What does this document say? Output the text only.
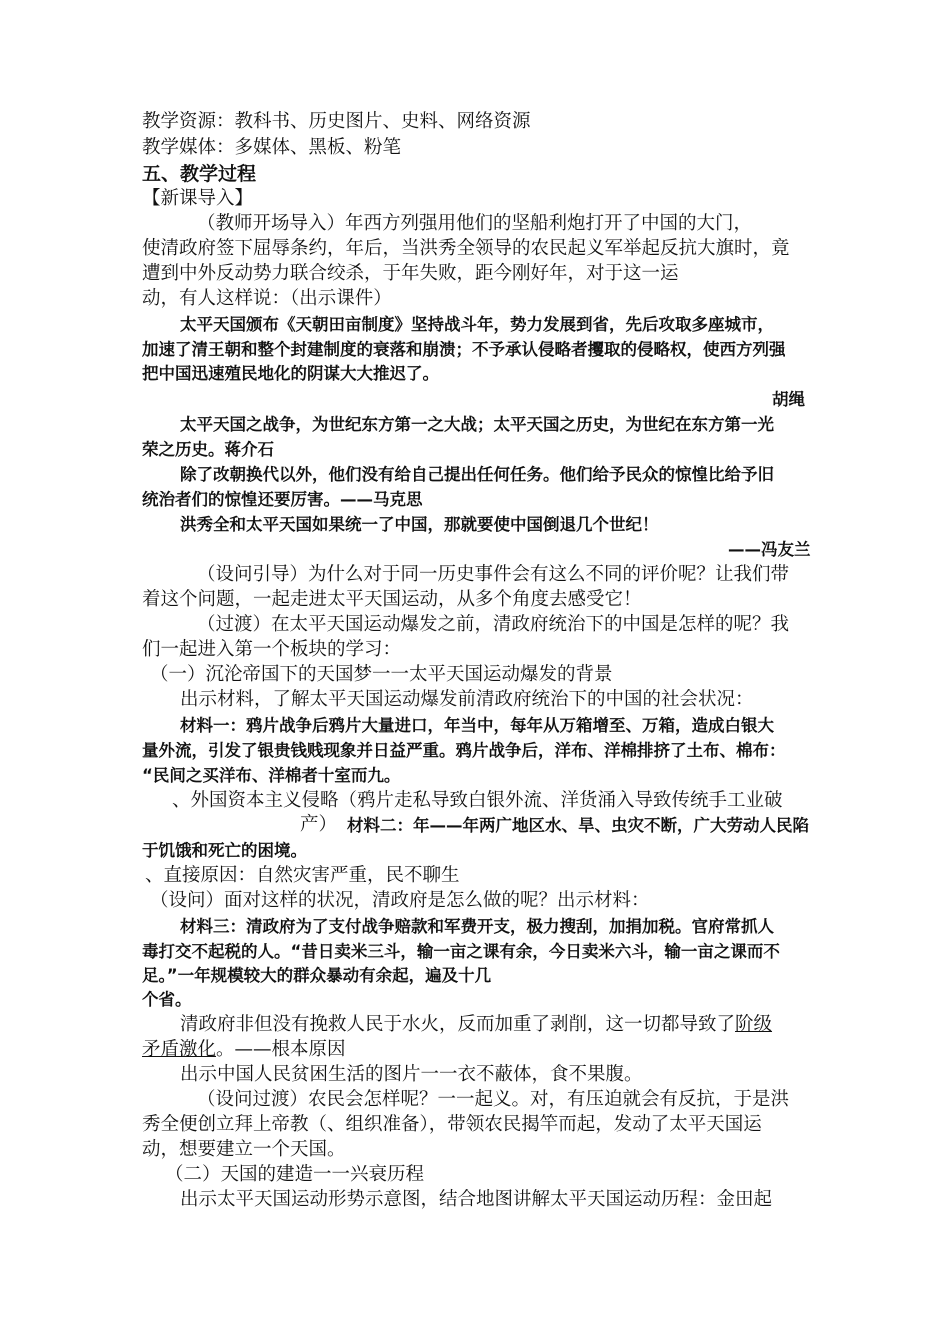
教学资源：教科书、历史图片、史料、网络资源
教学媒体：多媒体、黑板、粉笔
五、教学过程
【新课导入】
（教师开场导入）年西方列强用他们的坚船利炮打开了中国的大门，
使清政府签下屈辱条约，年后，当洪秀全领导的农民起义军举起反抗大旗时，竟
遭到中外反动势力联合绞杀，于年失败，距今刚好年，对于这一运
动，有人这样说：（出示课件）
太平天国颁布《天朝田亩制度》坚持战斗年，势力发展到省，先后攻取多座城市，
加速了清王朝和整个封建制度的衰落和崩溃；不予承认侵略者攫取的侵略权，使西方列强
把中国迅速殖民地化的阴谋大大推迟了。
胡绳
太平天国之战争，为世纪东方第一之大战；太平天国之历史，为世纪在东方第一光
荣之历史。蒋介石
除了改朝换代以外，他们没有给自己提出任何任务。他们给予民众的惊惶比给予旧
统治者们的惊惶还要厉害。——马克思
洪秀全和太平天国如果统一了中国，那就要使中国倒退几个世纪！
——冯友兰
（设问引导）为什么对于同一历史事件会有这么不同的评价呢？让我们带
着这个问题，一起走进太平天国运动，从多个角度去感受它！
（过渡）在太平天国运动爆发之前，清政府统治下的中国是怎样的呢？我
们一起进入第一个板块的学习：
（一）沉沦帝国下的天国梦一一太平天国运动爆发的背景
出示材料，了解太平天国运动爆发前清政府统治下的中国的社会状况：
材料一：鸦片战争后鸦片大量进口，年当中，每年从万箱增至、万箱，造成白银大
量外流，引发了银贵钱贱现象并日益严重。鸦片战争后，洋布、洋棉排挤了土布、棉布：
“民间之买洋布、洋棉者十室而九。
、外国资本主义侵略（鸦片走私导致白银外流、洋货涌入导致传统手工业破
产） 材料二：年——年两广地区水、旱、虫灾不断，广大劳动人民陷
于饥饿和死亡的困境。
、直接原因：自然灾害严重，民不聊生
（设问）面对这样的状况，清政府是怎么做的呢？出示材料：
材料三：清政府为了支付战争赔款和军费开支，极力搜刮，加捐加税。官府常抓人
毒打交不起税的人。“昔日卖米三斗，输一亩之课有余，今日卖米六斗，输一亩之课而不
足。”一年规模较大的群众暴动有余起，遍及十几
个省。
清政府非但没有挽救人民于水火，反而加重了剥削，这一切都导致了阶级
矛盾激化。——根本原因
出示中国人民贫困生活的图片一一衣不蔽体，食不果腹。
（设问过渡）农民会怎样呢？一一起义。对，有压迫就会有反抗，于是洪
秀全便创立拜上帝教（、组织准备），带领农民揭竿而起，发动了太平天国运
动，想要建立一个天国。
（二）天国的建造一一兴衰历程
出示太平天国运动形势示意图，结合地图讲解太平天国运动历程：金田起
